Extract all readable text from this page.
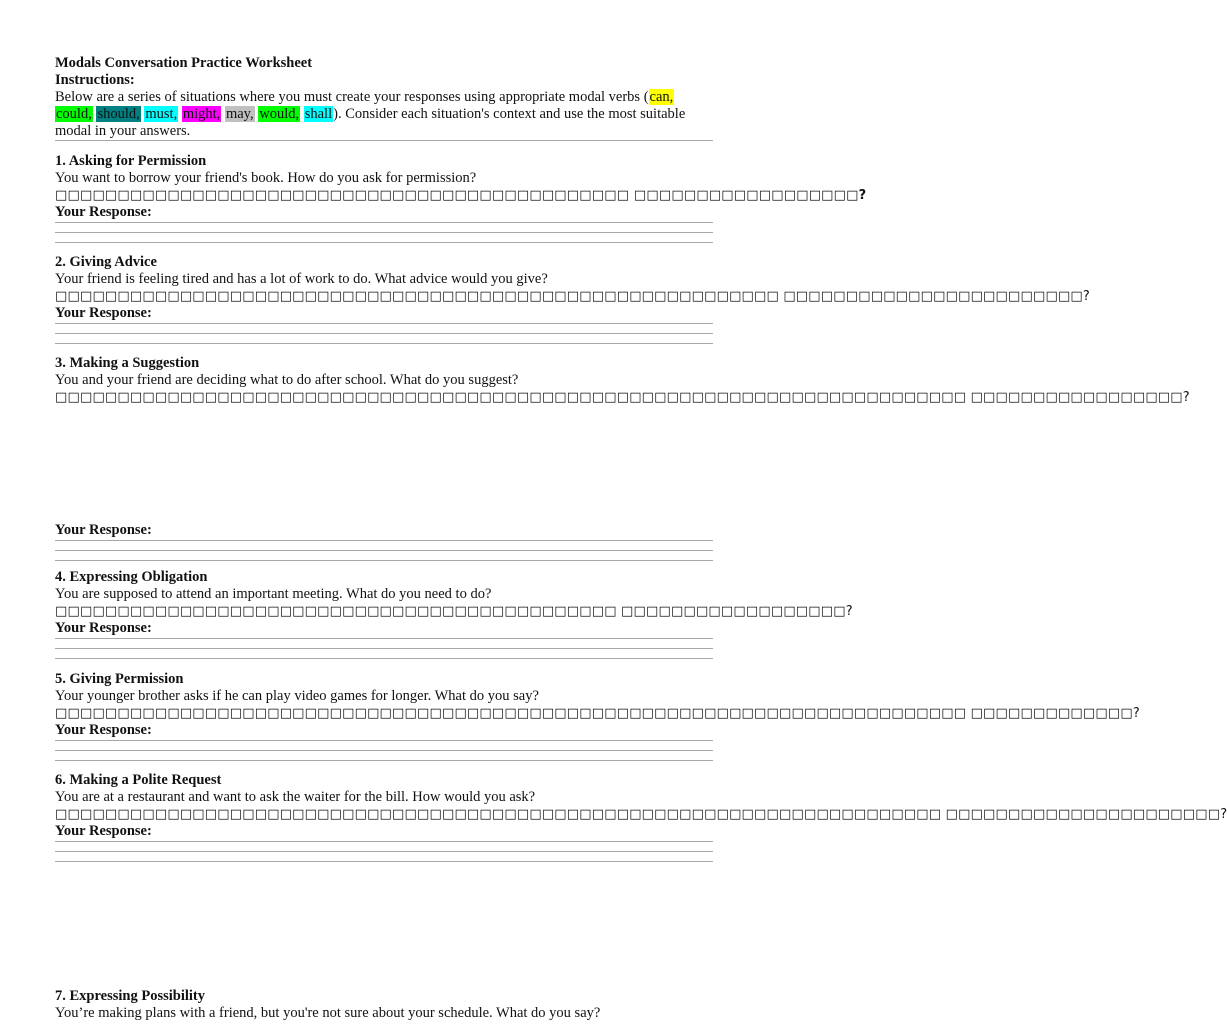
Modals Conversation Practice Worksheet
Instructions:
Below are a series of situations where you must create your responses using appropriate modal verbs (can, could, should, must, might, may, would, shall). Consider each situation's context and use the most suitable modal in your answers.
1. Asking for Permission
You want to borrow your friend's book. How do you ask for permission?
□□□□□□□□□□□□□□□□□□□□□□□□□□□□□□□□□□□□□□□□□□□□□□ □□□□□□□□□□□□□□□□□□?
Your Response:
2. Giving Advice
Your friend is feeling tired and has a lot of work to do. What advice would you give?
□□□□□□□□□□□□□□□□□□□□□□□□□□□□□□□□□□□□□□□□□□□□□□□□□□□□□□□□□□ □□□□□□□□□□□□□□□□□□□□□□□□?
Your Response:
3. Making a Suggestion
You and your friend are deciding what to do after school. What do you suggest?
□□□□□□□□□□□□□□□□□□□□□□□□□□□□□□□□□□□□□□□□□□□□□□□□□□□□□□□□□□□□□□□□□□□□□□□□□ □□□□□□□□□□□□□□□□□?
Your Response:
4. Expressing Obligation
You are supposed to attend an important meeting. What do you need to do?
□□□□□□□□□□□□□□□□□□□□□□□□□□□□□□□□□□□□□□□□□□□□□ □□□□□□□□□□□□□□□□□□?
Your Response:
5. Giving Permission
Your younger brother asks if he can play video games for longer. What do you say?
□□□□□□□□□□□□□□□□□□□□□□□□□□□□□□□□□□□□□□□□□□□□□□□□□□□□□□□□□□□□□□□□□□□□□□□□□ □□□□□□□□□□□□□?
Your Response:
6. Making a Polite Request
You are at a restaurant and want to ask the waiter for the bill. How would you ask?
□□□□□□□□□□□□□□□□□□□□□□□□□□□□□□□□□□□□□□□□□□□□□□□□□□□□□□□□□□□□□□□□□□□□□□□ □□□□□□□□□□□□□□□□□□□□□□?
Your Response:
7. Expressing Possibility
You’re making plans with a friend, but you're not sure about your schedule. What do you say?
